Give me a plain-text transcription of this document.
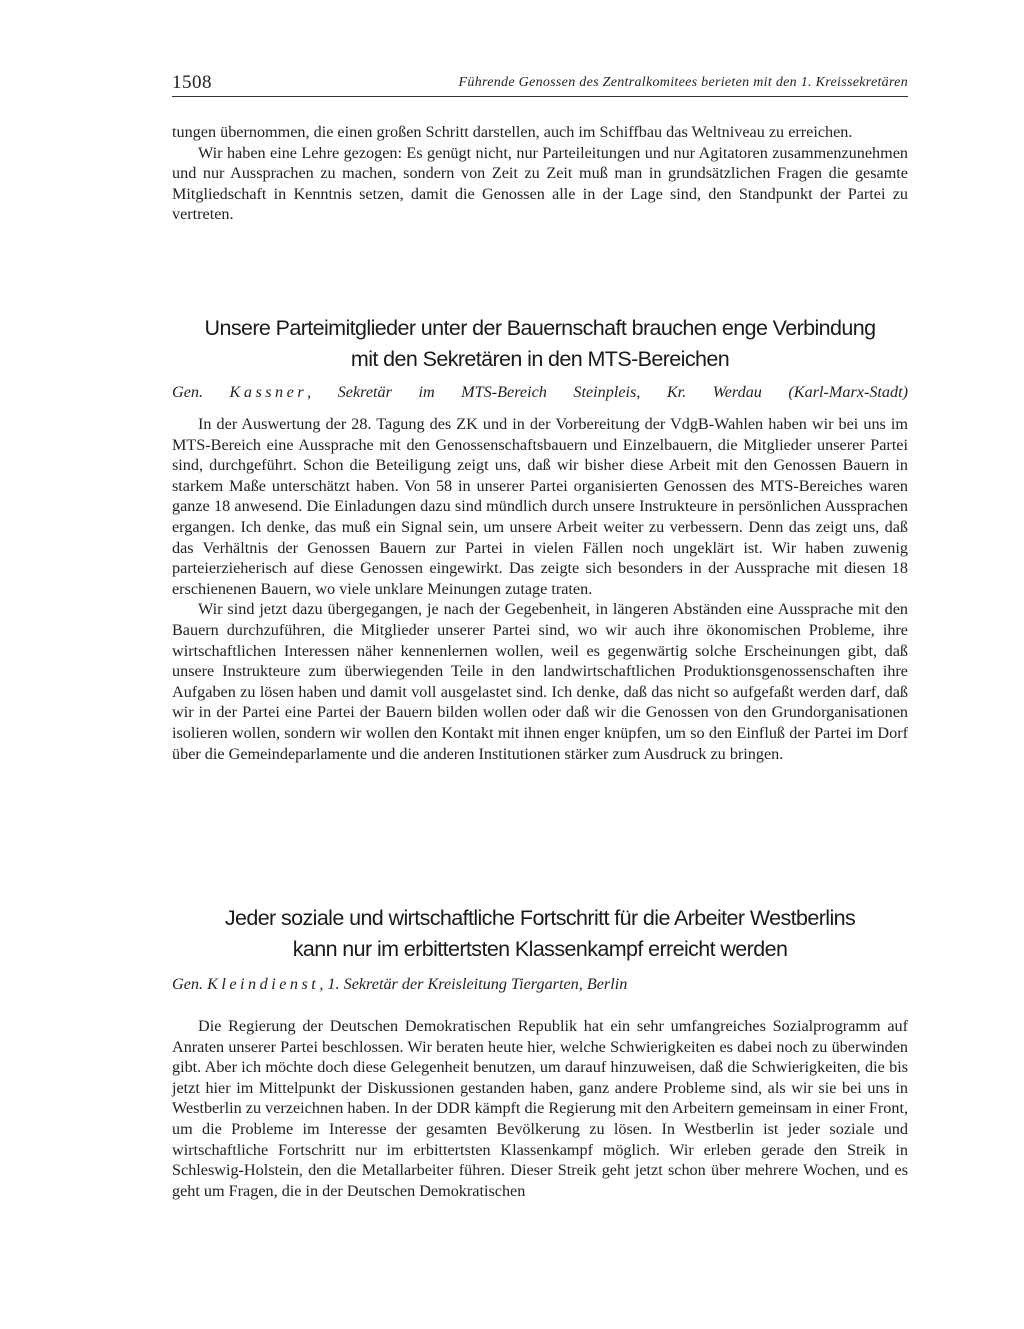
1508	Führende Genossen des Zentralkomitees berieten mit den 1. Kreissekretären

tungen übernommen, die einen großen Schritt darstellen, auch im Schiffbau das Weltniveau zu erreichen.

Wir haben eine Lehre gezogen: Es genügt nicht, nur Parteileitungen und nur Agitatoren zusammenzunehmen und nur Aussprachen zu machen, sondern von Zeit zu Zeit muß man in grundsätzlichen Fragen die gesamte Mitgliedschaft in Kenntnis setzen, damit die Genossen alle in der Lage sind, den Standpunkt der Partei zu vertreten.

Unsere Parteimitglieder unter der Bauernschaft brauchen enge Verbindung
mit den Sekretären in den MTS-Bereichen
Gen. Kassner, Sekretär im MTS-Bereich Steinpleis, Kr. Werdau (Karl-Marx-Stadt)

In der Auswertung der 28. Tagung des ZK und in der Vorbereitung der VdgB-Wahlen haben wir bei uns im MTS-Bereich eine Aussprache mit den Genossenschaftsbauern und Einzelbauern, die Mitglieder unserer Partei sind, durchgeführt. Schon die Beteiligung zeigt uns, daß wir bisher diese Arbeit mit den Genossen Bauern in starkem Maße unterschätzt haben. Von 58 in unserer Partei organisierten Genossen des MTS-Bereiches waren ganze 18 anwesend. Die Einladungen dazu sind mündlich durch unsere Instrukteure in persönlichen Aussprachen ergangen. Ich denke, das muß ein Signal sein, um unsere Arbeit weiter zu verbessern. Denn das zeigt uns, daß das Verhältnis der Genossen Bauern zur Partei in vielen Fällen noch ungeklärt ist. Wir haben zuwenig parteierzieherisch auf diese Genossen eingewirkt. Das zeigte sich besonders in der Aussprache mit diesen 18 erschienenen Bauern, wo viele unklare Meinungen zutage traten.

Wir sind jetzt dazu übergegangen, je nach der Gegebenheit, in längeren Abständen eine Aussprache mit den Bauern durchzuführen, die Mitglieder unserer Partei sind, wo wir auch ihre ökonomischen Probleme, ihre wirtschaftlichen Interessen näher kennenlernen wollen, weil es gegenwärtig solche Erscheinungen gibt, daß unsere Instrukteure zum überwiegenden Teile in den landwirtschaftlichen Produktionsgenossenschaften ihre Aufgaben zu lösen haben und damit voll ausgelastet sind. Ich denke, daß das nicht so aufgefaßt werden darf, daß wir in der Partei eine Partei der Bauern bilden wollen oder daß wir die Genossen von den Grundorganisationen isolieren wollen, sondern wir wollen den Kontakt mit ihnen enger knüpfen, um so den Einfluß der Partei im Dorf über die Gemeindeparlamente und die anderen Institutionen stärker zum Ausdruck zu bringen.

Jeder soziale und wirtschaftliche Fortschritt für die Arbeiter Westberlins
kann nur im erbittertsten Klassenkampf erreicht werden
Gen. Kleindienst, 1. Sekretär der Kreisleitung Tiergarten, Berlin

Die Regierung der Deutschen Demokratischen Republik hat ein sehr umfangreiches Sozialprogramm auf Anraten unserer Partei beschlossen. Wir beraten heute hier, welche Schwierigkeiten es dabei noch zu überwinden gibt. Aber ich möchte doch diese Gelegenheit benutzen, um darauf hinzuweisen, daß die Schwierigkeiten, die bis jetzt hier im Mittelpunkt der Diskussionen gestanden haben, ganz andere Probleme sind, als wir sie bei uns in Westberlin zu verzeichnen haben. In der DDR kämpft die Regierung mit den Arbeitern gemeinsam in einer Front, um die Probleme im Interesse der gesamten Bevölkerung zu lösen. In Westberlin ist jeder soziale und wirtschaftliche Fortschritt nur im erbittertsten Klassenkampf möglich. Wir erleben gerade den Streik in Schleswig-Holstein, den die Metallarbeiter führen. Dieser Streik geht jetzt schon über mehrere Wochen, und es geht um Fragen, die in der Deutschen Demokratischen
